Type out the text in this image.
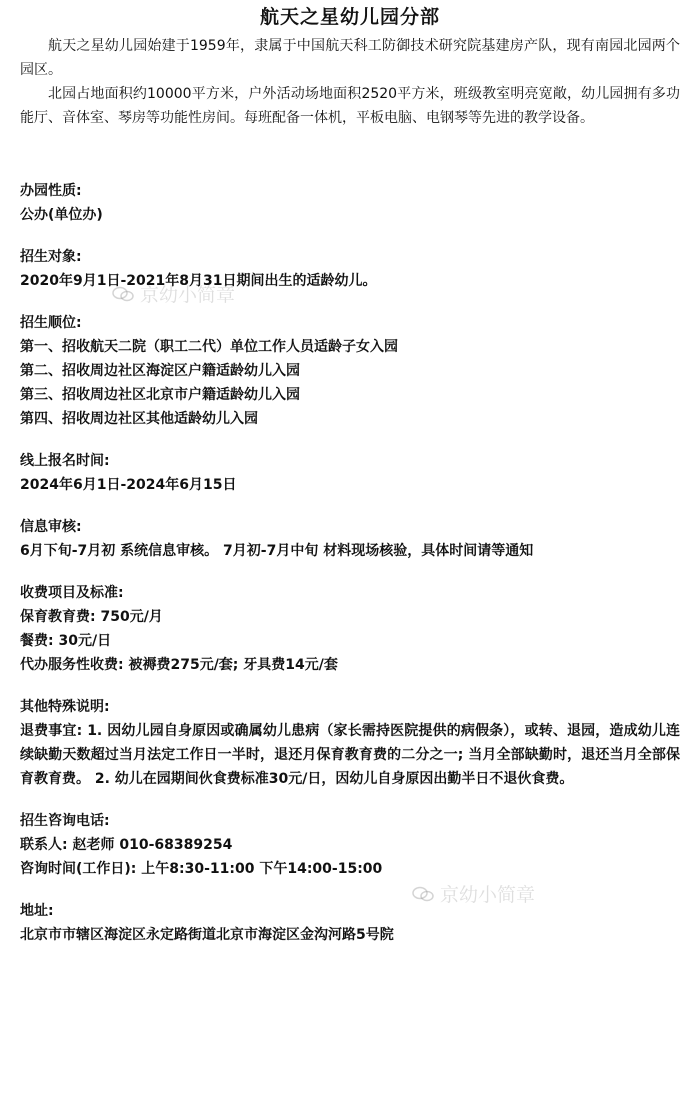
航天之星幼儿园分部

航天之星幼儿园始建于1959年，隶属于中国航天科工防御技术研究院基建房产队，现有南园北园两个园区。

北园占地面积约10000平方米，户外活动场地面积2520平方米，班级教室明亮宽敞，幼儿园拥有多功能厅、音体室、琴房等功能性房间。每班配备一体机，平板电脑、电钢琴等先进的教学设备。

办园性质:
公办(单位办)
招生对象:
2020年9月1日-2021年8月31日期间出生的适龄幼儿。
招生顺位:
第一、招收航天二院（职工二代）单位工作人员适龄子女入园
第二、招收周边社区海淀区户籍适龄幼儿入园
第三、招收周边社区北京市户籍适龄幼儿入园
第四、招收周边社区其他适龄幼儿入园
线上报名时间:
2024年6月1日-2024年6月15日
信息审核:
6月下旬-7月初 系统信息审核。 7月初-7月中旬 材料现场核验，具体时间请等通知
收费项目及标准:
保育教育费: 750元/月
餐费: 30元/日
代办服务性收费: 被褥费275元/套; 牙具费14元/套
其他特殊说明:
退费事宜: 1. 因幼儿园自身原因或确属幼儿患病（家长需持医院提供的病假条），或转、退园，造成幼儿连续缺勤天数超过当月法定工作日一半时，退还月保育教育费的二分之一; 当月全部缺勤时，退还当月全部保育教育费。 2. 幼儿在园期间伙食费标准30元/日，因幼儿自身原因出勤半日不退伙食费。
招生咨询电话:
联系人: 赵老师 010-68389254
咨询时间(工作日): 上午8:30-11:00 下午14:00-15:00
地址:
北京市市辖区海淀区永定路街道北京市海淀区金沟河路5号院
京幼小简章
京幼小简章
